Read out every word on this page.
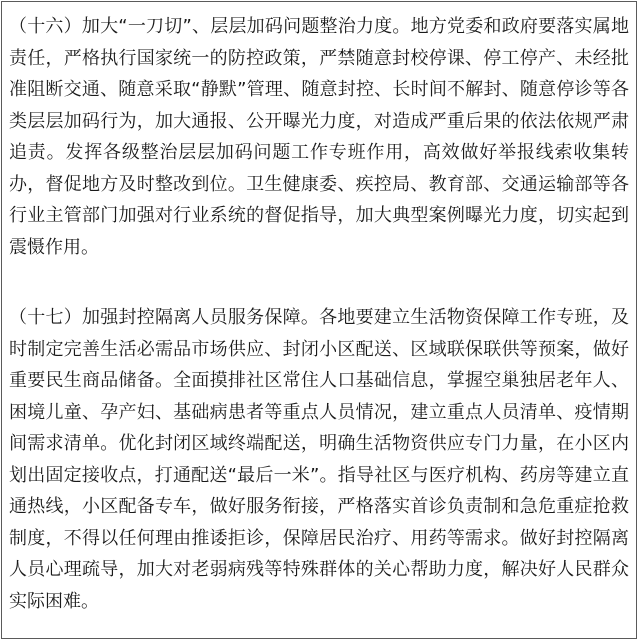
（十六）加大“一刀切”、层层加码问题整治力度。地方党委和政府要落实属地
责任，严格执行国家统一的防控政策，严禁随意封校停课、停工停产、未经批
准阻断交通、随意采取“静默”管理、随意封控、长时间不解封、随意停诊等各
类层层加码行为，加大通报、公开曝光力度，对造成严重后果的依法依规严肃
追责。发挥各级整治层层加码问题工作专班作用，高效做好举报线索收集转
办，督促地方及时整改到位。卫生健康委、疾控局、教育部、交通运输部等各
行业主管部门加强对行业系统的督促指导，加大典型案例曝光力度，切实起到
震慑作用。
（十七）加强封控隔离人员服务保障。各地要建立生活物资保障工作专班，及
时制定完善生活必需品市场供应、封闭小区配送、区域联保联供等预案，做好
重要民生商品储备。全面摸排社区常住人口基础信息，掌握空巢独居老年人、
困境儿童、孕产妇、基础病患者等重点人员情况，建立重点人员清单、疫情期
间需求清单。优化封闭区域终端配送，明确生活物资供应专门力量，在小区内
划出固定接收点，打通配送“最后一米”。指导社区与医疗机构、药房等建立直
通热线，小区配备专车，做好服务衔接，严格落实首诊负责制和急危重症抢救
制度，不得以任何理由推诿拒诊，保障居民治疗、用药等需求。做好封控隔离
人员心理疏导，加大对老弱病残等特殊群体的关心帮助力度，解决好人民群众
实际困难。
